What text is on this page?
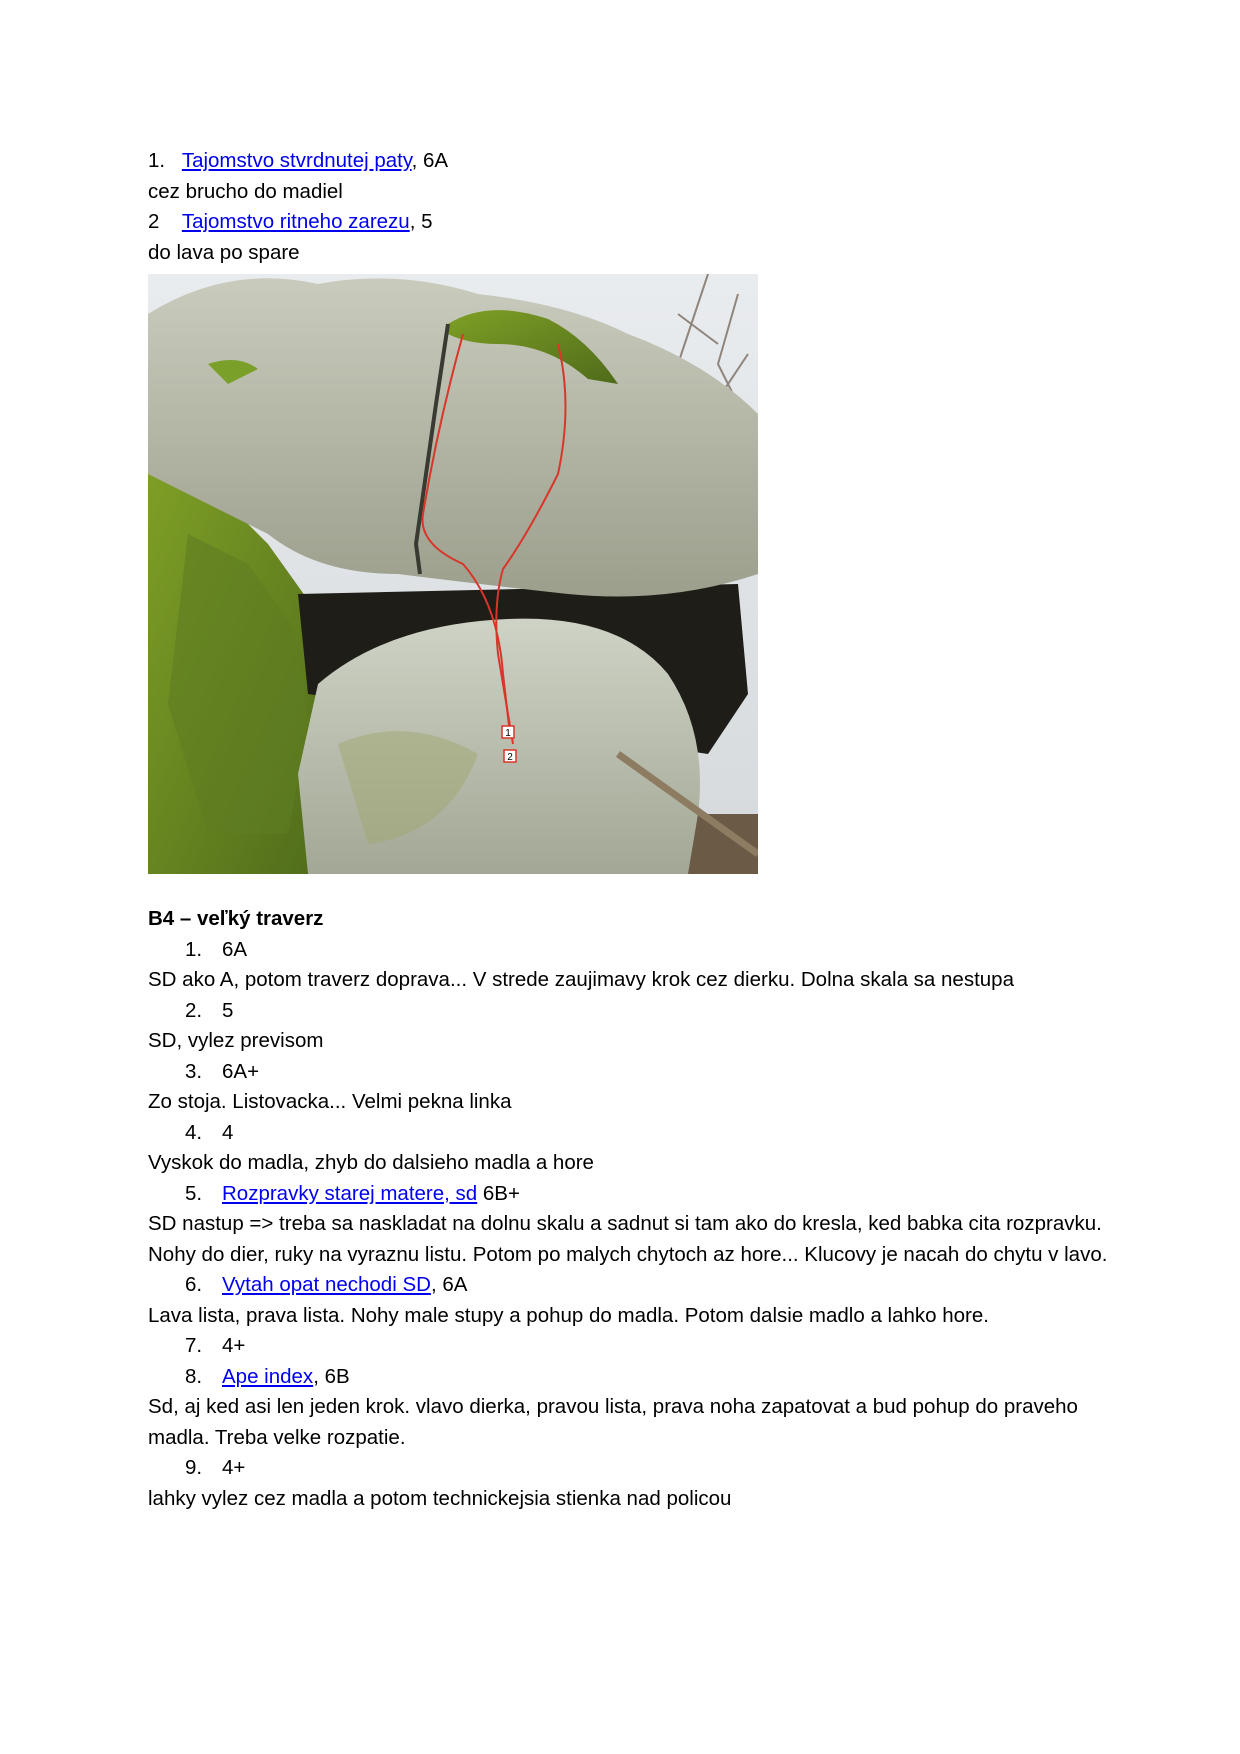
1. Tajomstvo stvrdnutej paty, 6A
cez brucho do madiel
2 Tajomstvo ritneho zarezu, 5
do lava po spare
1
2
B4 – veľký traverz
1. 6A
SD ako A, potom traverz doprava... V strede zaujimavy krok cez dierku. Dolna skala sa nestupa
2. 5
SD, vylez previsom
3. 6A+
Zo stoja. Listovacka... Velmi pekna linka
4. 4
Vyskok do madla, zhyb do dalsieho madla a hore
5. Rozpravky starej matere, sd 6B+
SD nastup => treba sa naskladat na dolnu skalu a sadnut si tam ako do kresla, ked babka cita rozpravku. Nohy do dier, ruky na vyraznu listu. Potom po malych chytoch az hore... Klucovy je nacah do chytu v lavo.
6. Vytah opat nechodi SD, 6A
Lava lista, prava lista. Nohy male stupy a pohup do madla. Potom dalsie madlo a lahko hore.
7. 4+
8. Ape index, 6B
Sd, aj ked asi len jeden krok. vlavo dierka, pravou lista, prava noha zapatovat a bud pohup do praveho madla. Treba velke rozpatie.
9. 4+
lahky vylez cez madla a potom technickejsia stienka nad policou
